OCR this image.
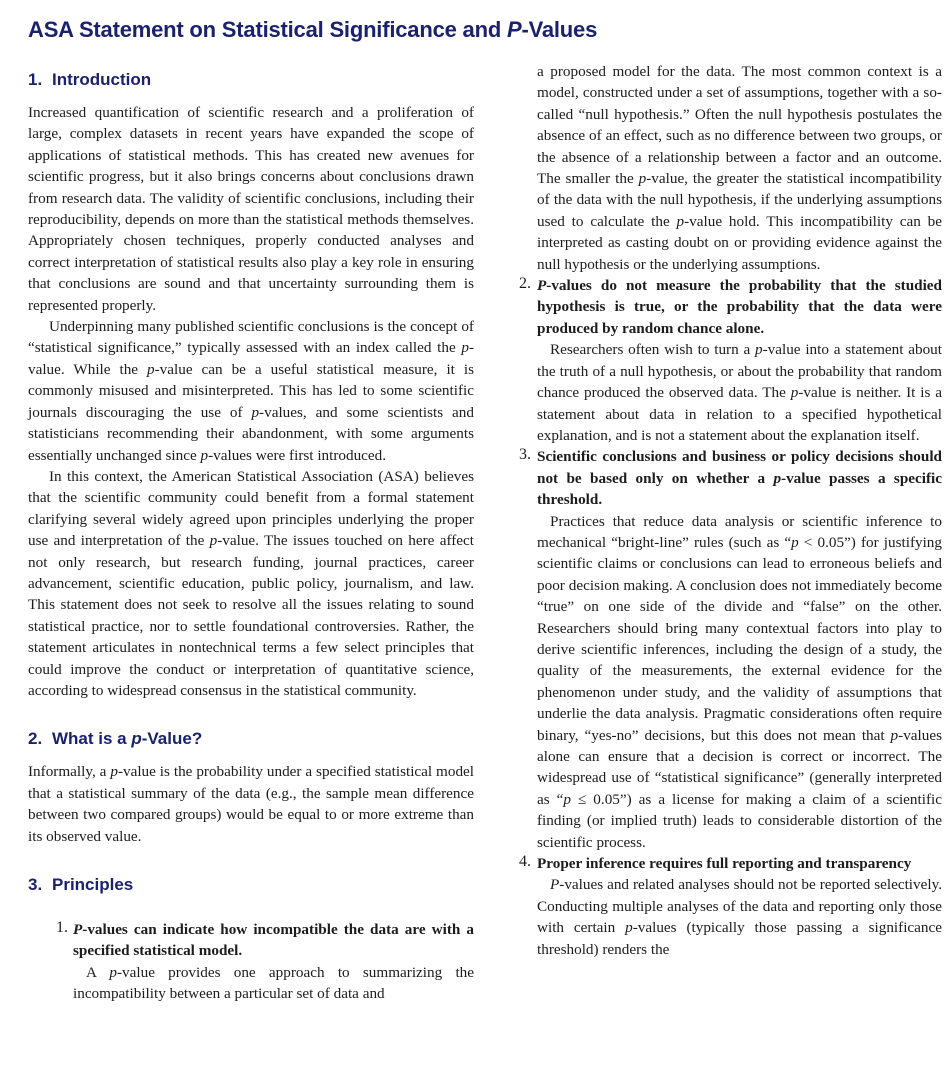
ASA Statement on Statistical Significance and P-Values
1. Introduction

Increased quantification of scientific research and a proliferation of large, complex datasets in recent years have expanded the scope of applications of statistical methods. This has created new avenues for scientific progress, but it also brings concerns about conclusions drawn from research data. The validity of scientific conclusions, including their reproducibility, depends on more than the statistical methods themselves. Appropriately chosen techniques, properly conducted analyses and correct interpretation of statistical results also play a key role in ensuring that conclusions are sound and that uncertainty surrounding them is represented properly.

Underpinning many published scientific conclusions is the concept of “statistical significance,” typically assessed with an index called the p-value. While the p-value can be a useful statistical measure, it is commonly misused and misinterpreted. This has led to some scientific journals discouraging the use of p-values, and some scientists and statisticians recommending their abandonment, with some arguments essentially unchanged since p-values were first introduced.

In this context, the American Statistical Association (ASA) believes that the scientific community could benefit from a formal statement clarifying several widely agreed upon principles underlying the proper use and interpretation of the p-value. The issues touched on here affect not only research, but research funding, journal practices, career advancement, scientific education, public policy, journalism, and law. This statement does not seek to resolve all the issues relating to sound statistical practice, nor to settle foundational controversies. Rather, the statement articulates in nontechnical terms a few select principles that could improve the conduct or interpretation of quantitative science, according to widespread consensus in the statistical community.

2. What is a p-Value?

Informally, a p-value is the probability under a specified statistical model that a statistical summary of the data (e.g., the sample mean difference between two compared groups) would be equal to or more extreme than its observed value.

3. Principles
1. P-values can indicate how incompatible the data are with a specified statistical model.

A p-value provides one approach to summarizing the incompatibility between a particular set of data and

a proposed model for the data. The most common context is a model, constructed under a set of assumptions, together with a so-called “null hypothesis.” Often the null hypothesis postulates the absence of an effect, such as no difference between two groups, or the absence of a relationship between a factor and an outcome. The smaller the p-value, the greater the statistical incompatibility of the data with the null hypothesis, if the underlying assumptions used to calculate the p-value hold. This incompatibility can be interpreted as casting doubt on or providing evidence against the null hypothesis or the underlying assumptions.

2. P-values do not measure the probability that the studied hypothesis is true, or the probability that the data were produced by random chance alone.

Researchers often wish to turn a p-value into a statement about the truth of a null hypothesis, or about the probability that random chance produced the observed data. The p-value is neither. It is a statement about data in relation to a specified hypothetical explanation, and is not a statement about the explanation itself.

3. Scientific conclusions and business or policy decisions should not be based only on whether a p-value passes a specific threshold.

Practices that reduce data analysis or scientific inference to mechanical “bright-line” rules (such as “p < 0.05”) for justifying scientific claims or conclusions can lead to erroneous beliefs and poor decision making. A conclusion does not immediately become “true” on one side of the divide and “false” on the other. Researchers should bring many contextual factors into play to derive scientific inferences, including the design of a study, the quality of the measurements, the external evidence for the phenomenon under study, and the validity of assumptions that underlie the data analysis. Pragmatic considerations often require binary, “yes-no” decisions, but this does not mean that p-values alone can ensure that a decision is correct or incorrect. The widespread use of “statistical significance” (generally interpreted as “p ≤ 0.05”) as a license for making a claim of a scientific finding (or implied truth) leads to considerable distortion of the scientific process.

4. Proper inference requires full reporting and transparency

P-values and related analyses should not be reported selectively. Conducting multiple analyses of the data and reporting only those with certain p-values (typically those passing a significance threshold) renders the
